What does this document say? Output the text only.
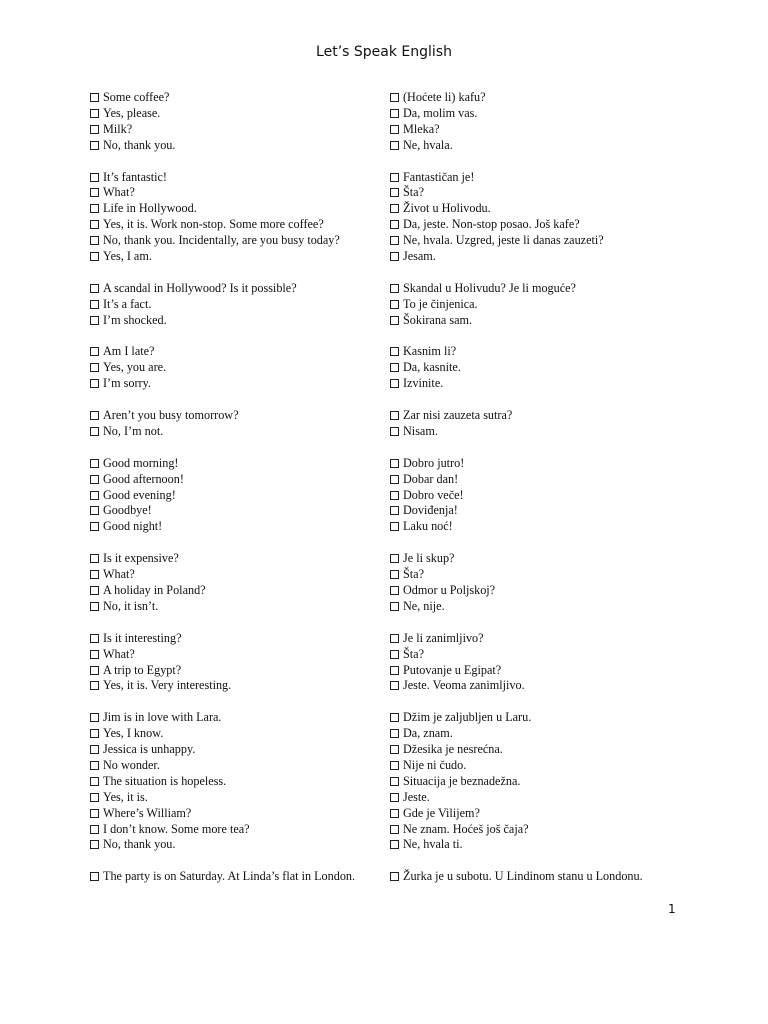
Let’s Speak English
Some coffee?
Yes, please.
Milk?
No, thank you.
It’s fantastic!
What?
Life in Hollywood.
Yes, it is. Work non-stop. Some more coffee?
No, thank you. Incidentally, are you busy today?
Yes, I am.
A scandal in Hollywood? Is it possible?
It’s a fact.
I’m shocked.
Am I late?
Yes, you are.
I’m sorry.
Aren’t you busy tomorrow?
No, I’m not.
Good morning!
Good afternoon!
Good evening!
Goodbye!
Good night!
Is it expensive?
What?
A holiday in Poland?
No, it isn’t.
Is it interesting?
What?
A trip to Egypt?
Yes, it is. Very interesting.
Jim is in love with Lara.
Yes, I know.
Jessica is unhappy.
No wonder.
The situation is hopeless.
Yes, it is.
Where’s William?
I don’t know. Some more tea?
No, thank you.
The party is on Saturday. At Linda’s flat in London.
(Hoćete li) kafu?
Da, molim vas.
Mleka?
Ne, hvala.
Fantastičan je!
Šta?
Život u Holivodu.
Da, jeste. Non-stop posao. Još kafe?
Ne, hvala. Uzgred, jeste li danas zauzeti?
Jesam.
Skandal u Holivudu? Je li moguće?
To je činjenica.
Šokirana sam.
Kasnim li?
Da, kasnite.
Izvinite.
Zar nisi zauzeta sutra?
Nisam.
Dobro jutro!
Dobar dan!
Dobro veče!
Doviđenja!
Laku noć!
Je li skup?
Šta?
Odmor u Poljskoj?
Ne, nije.
Je li zanimljivo?
Šta?
Putovanje u Egipat?
Jeste. Veoma zanimljivo.
Džim je zaljubljen u Laru.
Da, znam.
Džesika je nesrećna.
Nije ni čudo.
Situacija je beznadežna.
Jeste.
Gde je Vilijem?
Ne znam. Hoćeš još čaja?
Ne, hvala ti.
Žurka je u subotu. U Lindinom stanu u Londonu.
1
